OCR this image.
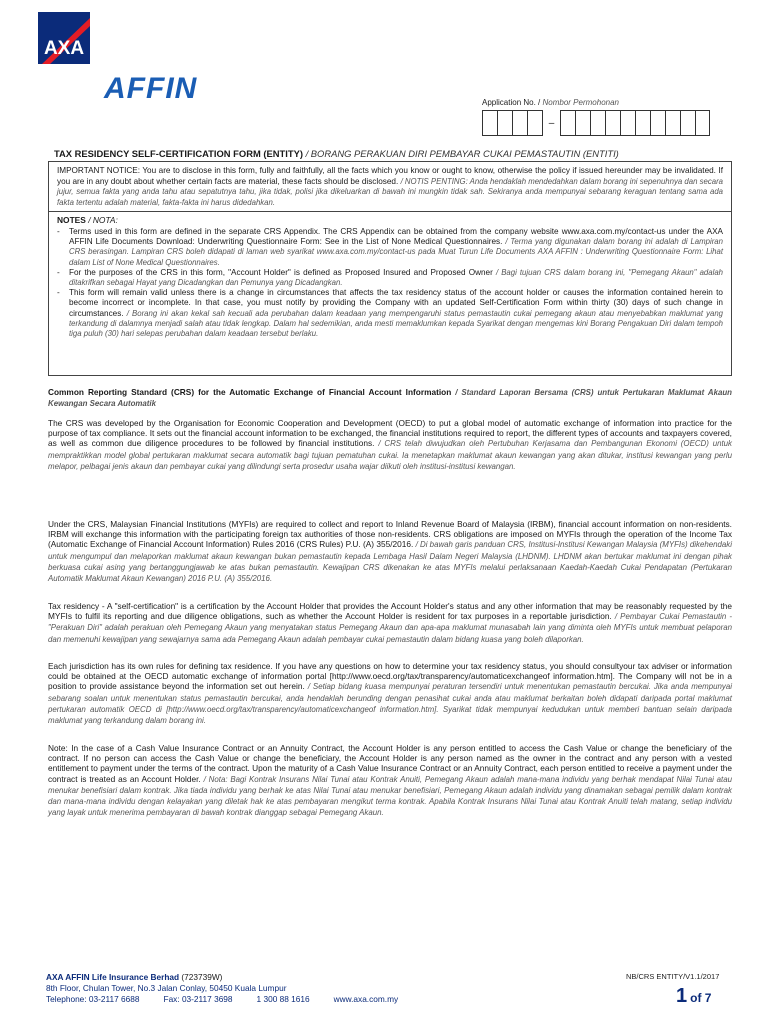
AXA
AFFIN	Application No. / Nombor Permohonan
–
TAX RESIDENCY SELF-CERTIFICATION FORM (ENTITY) / BORANG PERAKUAN DIRI PEMBAYAR CUKAI PEMASTAUTIN (ENTITI)
IMPORTANT NOTICE: You are to disclose in this form, fully and faithfully, all the facts which you know or ought to know, otherwise the policy if issued hereunder may be invalidated. If you are in any doubt about whether certain facts are material, these facts should be disclosed. / NOTIS PENTING: Anda hendaklah mendedahkan dalam borang ini sepenuhnya dan secara jujur, semua fakta yang anda tahu atau sepatutnya tahu, jika tidak, polisi jika dikeluarkan di bawah ini mungkin tidak sah. Sekiranya anda mempunyai sebarang keraguan tentang sama ada fakta tertentu adalah material, fakta-fakta ini harus didedahkan.
NOTES / NOTA:
-	Terms used in this form are defined in the separate CRS Appendix. The CRS Appendix can be obtained from the company website www.axa.com.my/contact-us under the AXA AFFIN Life Documents Download: Underwriting Questionnaire Form: See in the List of None Medical Questionnaires. / Terma yang digunakan dalam borang ini adalah di Lampiran CRS berasingan. Lampiran CRS boleh didapati di laman web syarikat www.axa.com.my/contact-us pada Muat Turun Life Documents AXA AFFIN : Underwriting Questionnaire Form: Lihat dalam List of None Medical Questionnaires.
-	For the purposes of the CRS in this form, "Account Holder" is defined as Proposed Insured and Proposed Owner / Bagi tujuan CRS dalam borang ini, "Pemegang Akaun" adalah ditakrifkan sebagai Hayat yang Dicadangkan dan Pemunya yang Dicadangkan.
-	This form will remain valid unless there is a change in circumstances that affects the tax residency status of the account holder or causes the information contained herein to become incorrect or incomplete. In that case, you must notify by providing the Company with an updated Self-Certification Form within thirty (30) days of such change in circumstances. / Borang ini akan kekal sah kecuali ada perubahan dalam keadaan yang mempengaruhi status pemastautin cukai pemegang akaun atau menyebabkan maklumat yang terkandung di dalamnya menjadi salah atau tidak lengkap. Dalam hal sedemikian, anda mesti memaklumkan kepada Syarikat dengan mengemas kini Borang Pengakuan Diri dalam tempoh tiga puluh (30) hari selepas perubahan dalam keadaan tersebut berlaku.
Common Reporting Standard (CRS) for the Automatic Exchange of Financial Account Information / Standard Laporan Bersama (CRS) untuk Pertukaran Maklumat Akaun Kewangan Secara Automatik
The CRS was developed by the Organisation for Economic Cooperation and Development (OECD) to put a global model of automatic exchange of information into practice for the purpose of tax compliance. It sets out the financial account information to be exchanged, the financial institutions required to report, the different types of accounts and taxpayers covered, as well as common due diligence procedures to be followed by financial institutions. / CRS telah diwujudkan oleh Pertubuhan Kerjasama dan Pembangunan Ekonomi (OECD) untuk mempraktikkan model global pertukaran maklumat secara automatik bagi tujuan pematuhan cukai. Ia menetapkan maklumat akaun kewangan yang akan ditukar, institusi kewangan yang perlu melapor, pelbagai jenis akaun dan pembayar cukai yang dilindungi serta prosedur usaha wajar diikuti oleh institusi-institusi kewangan.
Under the CRS, Malaysian Financial Institutions (MYFIs) are required to collect and report to Inland Revenue Board of Malaysia (IRBM), financial account information on non-residents. IRBM will exchange this information with the participating foreign tax authorities of those non-residents. CRS obligations are imposed on MYFIs through the operation of the Income Tax (Automatic Exchange of Financial Account Information) Rules 2016 (CRS Rules) P.U. (A) 355/2016. / Di bawah garis panduan CRS, Institusi-Institusi Kewangan Malaysia (MYFIs) dikehendaki untuk mengumpul dan melaporkan maklumat akaun kewangan bukan pemastautin kepada Lembaga Hasil Dalam Negeri Malaysia (LHDNM). LHDNM akan bertukar maklumat ini dengan pihak berkuasa cukai asing yang bertanggungjawab ke atas bukan pemastautin. Kewajipan CRS dikenakan ke atas MYFIs melalui perlaksanaan Kaedah-Kaedah Cukai Pendapatan (Pertukaran Automatik Maklumat Akaun Kewangan) 2016 P.U. (A) 355/2016.
Tax residency - A "self-certification" is a certification by the Account Holder that provides the Account Holder's status and any other information that may be reasonably requested by the MYFIs to fulfil its reporting and due diligence obligations, such as whether the Account Holder is resident for tax purposes in a reportable jurisdiction. / Pembayar Cukai Pemastautin - "Perakuan Diri" adalah perakuan oleh Pemegang Akaun yang menyatakan status Pemegang Akaun dan apa-apa maklumat munasabah lain yang diminta oleh MYFIs untuk membuat pelaporan dan memenuhi kewajipan yang sewajarnya sama ada Pemegang Akaun adalah pembayar cukai pemastautin dalam bidang kuasa yang boleh dilaporkan.
Each jurisdiction has its own rules for defining tax residence. If you have any questions on how to determine your tax residency status, you should consultyour tax adviser or information could be obtained at the OECD automatic exchange of information portal [http://www.oecd.org/tax/transparency/automaticexchangeof information.htm]. The Company will not be in a position to provide assistance beyond the information set out herein. / Setiap bidang kuasa mempunyai peraturan tersendiri untuk menentukan pemastautin bercukai. Jika anda mempunyai sebarang soalan untuk menentukan status pemastautin bercukai, anda hendaklah berunding dengan penasihat cukai anda atau maklumat berkaitan boleh didapati daripada portal maklumat pertukaran automatik OECD di [http://www.oecd.org/tax/transparency/automaticexchangeof information.htm]. Syarikat tidak mempunyai kedudukan untuk memberi bantuan selain daripada maklumat yang terkandung dalam borang ini.
Note: In the case of a Cash Value Insurance Contract or an Annuity Contract, the Account Holder is any person entitled to access the Cash Value or change the beneficiary of the contract. If no person can access the Cash Value or change the beneficiary, the Account Holder is any person named as the owner in the contract and any person with a vested entitlement to payment under the terms of the contract. Upon the maturity of a Cash Value Insurance Contract or an Annuity Contract, each person entitled to receive a payment under the contract is treated as an Account Holder. / Nota: Bagi Kontrak Insurans Nilai Tunai atau Kontrak Anuiti, Pemegang Akaun adalah mana-mana individu yang berhak mendapat Nilai Tunai atau menukar benefisiari dalam kontrak. Jika tiada individu yang berhak ke atas Nilai Tunai atau menukar benefisiari, Pemegang Akaun adalah individu yang dinamakan sebagai pemilik dalam kontrak dan mana-mana individu dengan kelayakan yang diletak hak ke atas pembayaran mengikut terma kontrak. Apabila Kontrak Insurans Nilai Tunai atau Kontrak Anuiti telah matang, setiap individu yang layak untuk menerima pembayaran di bawah kontrak dianggap sebagai Pemegang Akaun.
AXA AFFIN Life Insurance Berhad (723739W)
8th Floor, Chulan Tower, No.3 Jalan Conlay, 50450 Kuala Lumpur
Telephone: 03-2117 6688	Fax: 03-2117 3698	1 300 88 1616	www.axa.com.my
NB/CRS ENTITY/V1.1/2017
1 of 7
